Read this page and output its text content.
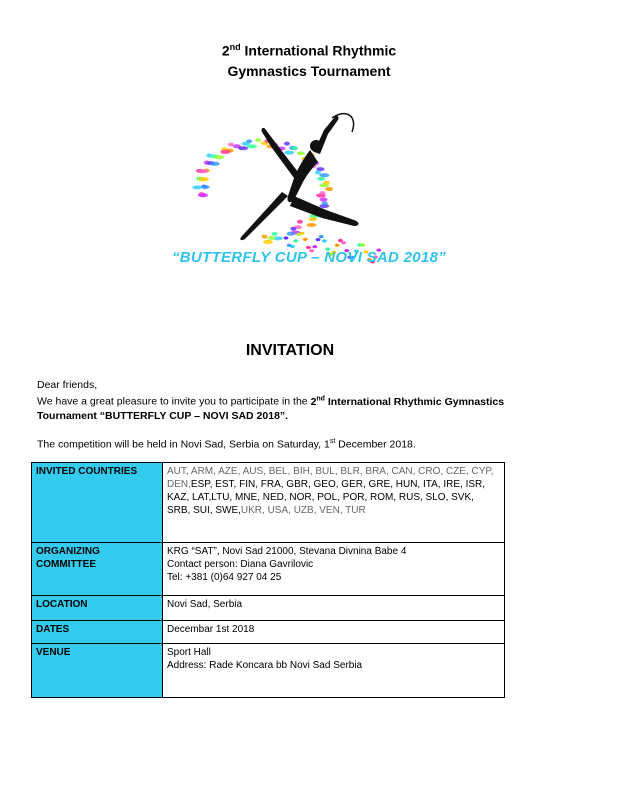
2nd International Rhythmic
Gymnastics Tournament
“BUTTERFLY CUP – NOVI SAD 2018”
INVITATION
Dear friends,
We have a great pleasure to invite you to participate in the 2nd International Rhythmic Gymnastics
Tournament “BUTTERFLY CUP – NOVI SAD 2018”.
The competition will be held in Novi Sad, Serbia on Saturday, 1st December 2018.
INVITED COUNTRIES	AUT, ARM, AZE, AUS, BEL, BIH, BUL, BLR, BRA, CAN, CRO, CZE, CYP, DEN,ESP, EST, FIN, FRA, GBR, GEO, GER, GRE, HUN, ITA, IRE, ISR, KAZ, LAT,LTU, MNE, NED, NOR, POL, POR, ROM, RUS, SLO, SVK, SRB, SUI, SWE,UKR, USA, UZB, VEN, TUR
ORGANIZING COMMITTEE	KRG “SAT”, Novi Sad 21000, Stevana Divnina Babe 4
Contact person: Diana Gavrilovic
Tel: +381 (0)64 927 04 25

LOCATION	Novi Sad, Serbia
DATES	Decembar 1st 2018
VENUE	Sport Hall
Address: Rade Koncara bb Novi Sad Serbia
